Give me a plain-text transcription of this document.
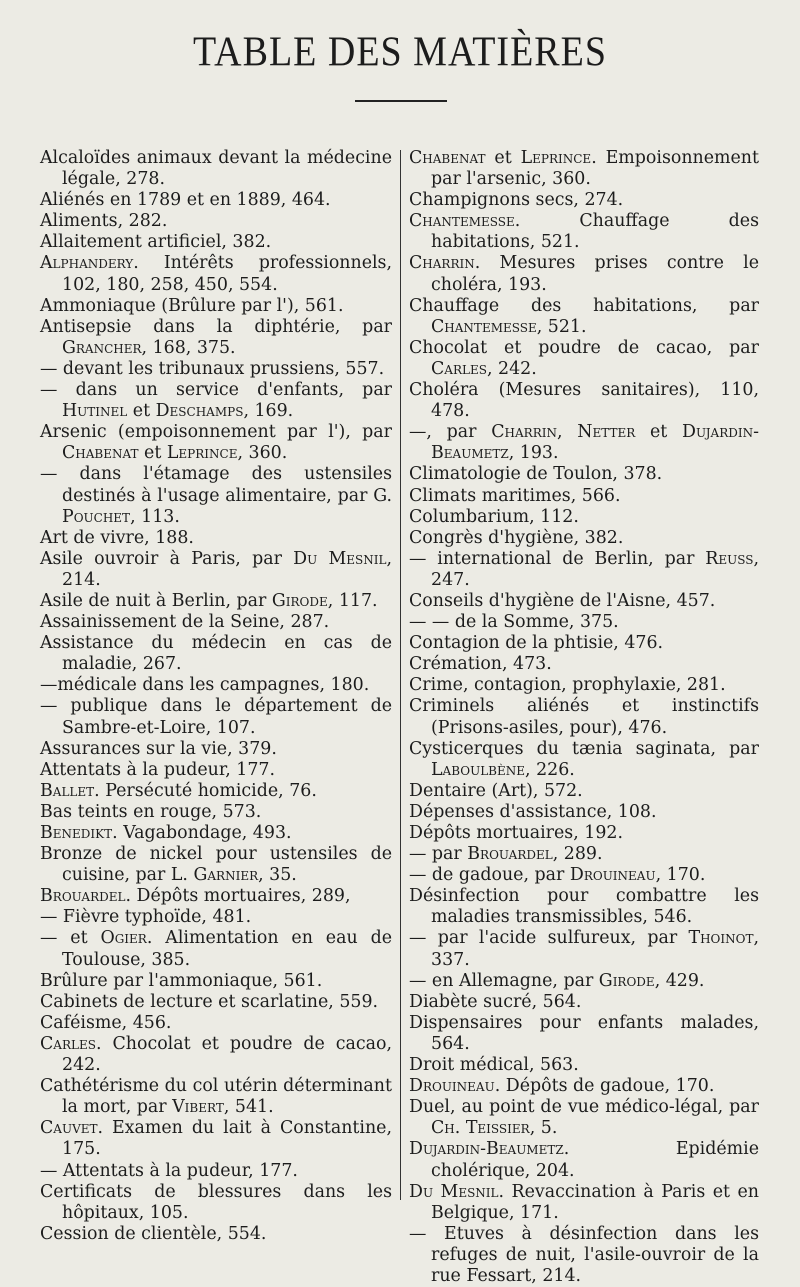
TABLE DES MATIÈRES

Alcaloïdes animaux devant la médecine légale, 278.

Aliénés en 1789 et en 1889, 464.

Aliments, 282.

Allaitement artificiel, 382.

Alphandery. Intérêts professionnels, 102, 180, 258, 450, 554.

Ammoniaque (Brûlure par l'), 561.

Antisepsie dans la diphtérie, par Grancher, 168, 375.

— devant les tribunaux prussiens, 557.

— dans un service d'enfants, par Hutinel et Deschamps, 169.

Arsenic (empoisonnement par l'), par Chabenat et Leprince, 360.

— dans l'étamage des ustensiles destinés à l'usage alimentaire, par G. Pouchet, 113.

Art de vivre, 188.

Asile ouvroir à Paris, par Du Mesnil, 214.

Asile de nuit à Berlin, par Girode, 117.

Assainissement de la Seine, 287.

Assistance du médecin en cas de maladie, 267.

—médicale dans les campagnes, 180.

— publique dans le département de Sambre-et-Loire, 107.

Assurances sur la vie, 379.

Attentats à la pudeur, 177.

Ballet. Persécuté homicide, 76.

Bas teints en rouge, 573.

Benedikt. Vagabondage, 493.

Bronze de nickel pour ustensiles de cuisine, par L. Garnier, 35.

Brouardel. Dépôts mortuaires, 289,

— Fièvre typhoïde, 481.

— et Ogier. Alimentation en eau de Toulouse, 385.

Brûlure par l'ammoniaque, 561.

Cabinets de lecture et scarlatine, 559.

Caféisme, 456.

Carles. Chocolat et poudre de cacao, 242.

Cathétérisme du col utérin déterminant la mort, par Vibert, 541.

Cauvet. Examen du lait à Constantine, 175.

— Attentats à la pudeur, 177.

Certificats de blessures dans les hôpitaux, 105.

Cession de clientèle, 554.

Chabenat et Leprince. Empoisonnement par l'arsenic, 360.

Champignons secs, 274.

Chantemesse. Chauffage des habitations, 521.

Charrin. Mesures prises contre le choléra, 193.

Chauffage des habitations, par Chantemesse, 521.

Chocolat et poudre de cacao, par Carles, 242.

Choléra (Mesures sanitaires), 110, 478.

—, par Charrin, Netter et Dujardin-Beaumetz, 193.

Climatologie de Toulon, 378.

Climats maritimes, 566.

Columbarium, 112.

Congrès d'hygiène, 382.

— international de Berlin, par Reuss, 247.

Conseils d'hygiène de l'Aisne, 457.

— — de la Somme, 375.

Contagion de la phtisie, 476.

Crémation, 473.

Crime, contagion, prophylaxie, 281.

Criminels aliénés et instinctifs (Prisons-asiles, pour), 476.

Cysticerques du tænia saginata, par Laboulbène, 226.

Dentaire (Art), 572.

Dépenses d'assistance, 108.

Dépôts mortuaires, 192.

— par Brouardel, 289.

— de gadoue, par Drouineau, 170.

Désinfection pour combattre les maladies transmissibles, 546.

— par l'acide sulfureux, par Thoinot, 337.

— en Allemagne, par Girode, 429.

Diabète sucré, 564.

Dispensaires pour enfants malades, 564.

Droit médical, 563.

Drouineau. Dépôts de gadoue, 170.

Duel, au point de vue médico-légal, par Ch. Teissier, 5.

Dujardin-Beaumetz. Epidémie cholérique, 204.

Du Mesnil. Revaccination à Paris et en Belgique, 171.

— Etuves à désinfection dans les refuges de nuit, l'asile-ouvroir de la rue Fessart, 214.
